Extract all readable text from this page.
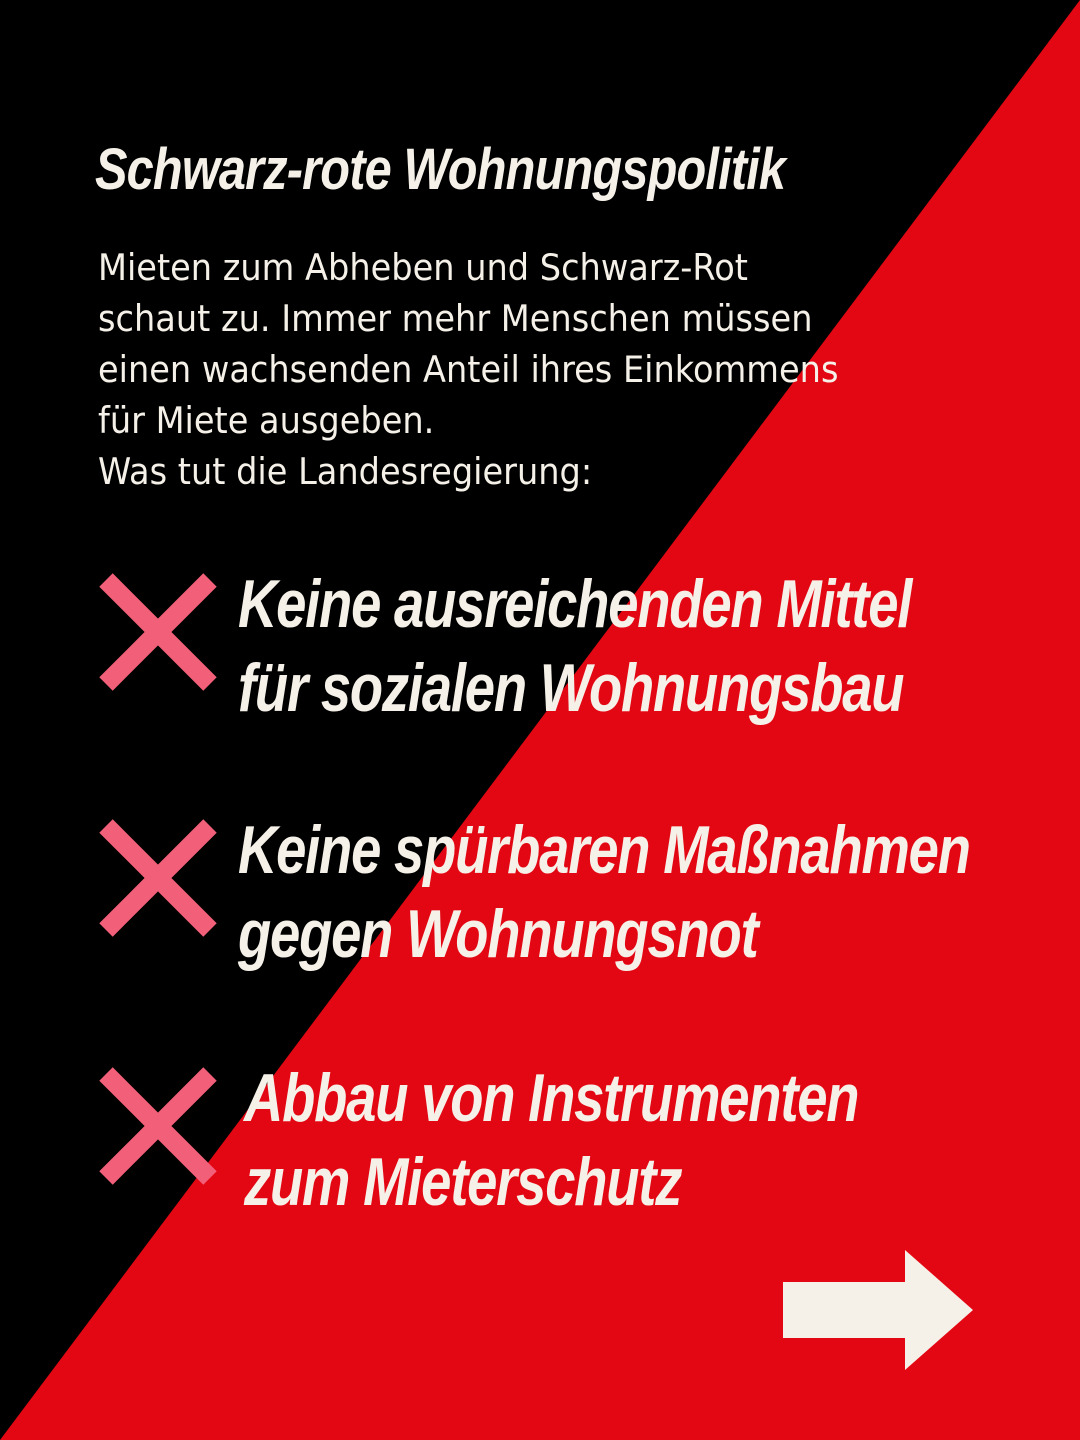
Schwarz-rote Wohnungspolitik

Mieten zum Abheben und Schwarz-Rot

schaut zu. Immer mehr Menschen müssen

einen wachsenden Anteil ihres Einkommens

für Miete ausgeben.

Was tut die Landesregierung:

Keine ausreichenden Mittel
für sozialen Wohnungsbau
Keine spürbaren Maßnahmen
gegen Wohnungsnot
Abbau von Instrumenten
zum Mieterschutz
